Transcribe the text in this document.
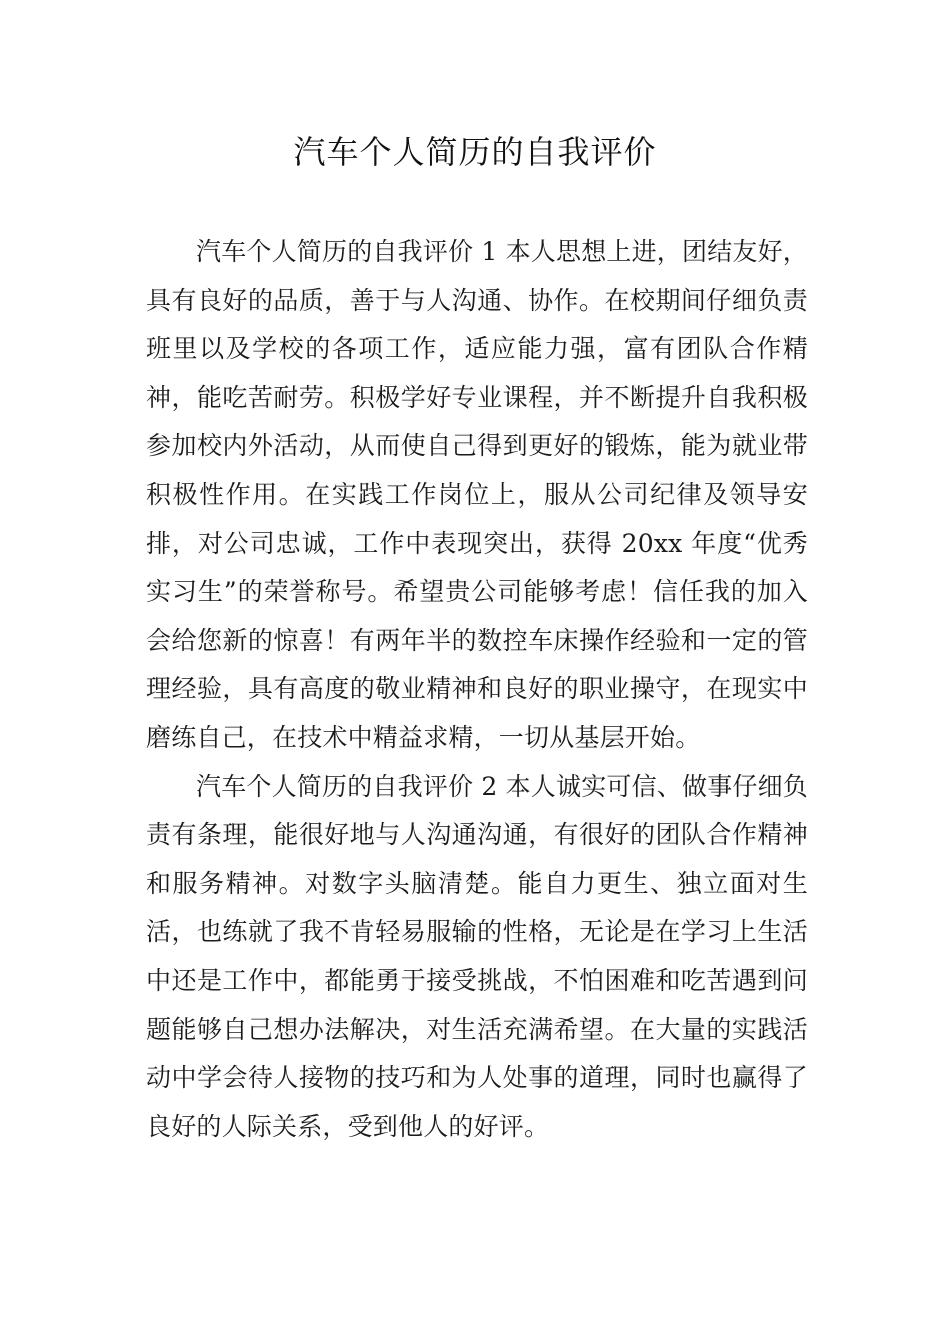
汽车个人简历的自我评价

汽车个人简历的自我评价 1 本人思想上进，团结友好，具有良好的品质，善于与人沟通、协作。在校期间仔细负责班里以及学校的各项工作，适应能力强，富有团队合作精神，能吃苦耐劳。积极学好专业课程，并不断提升自我积极参加校内外活动，从而使自己得到更好的锻炼，能为就业带积极性作用。在实践工作岗位上，服从公司纪律及领导安排，对公司忠诚，工作中表现突出，获得 20xx 年度“优秀实习生”的荣誉称号。希望贵公司能够考虑！信任我的加入会给您新的惊喜！有两年半的数控车床操作经验和一定的管理经验，具有高度的敬业精神和良好的职业操守，在现实中磨练自己，在技术中精益求精，一切从基层开始。

汽车个人简历的自我评价 2 本人诚实可信、做事仔细负责有条理，能很好地与人沟通沟通，有很好的团队合作精神和服务精神。对数字头脑清楚。能自力更生、独立面对生活，也练就了我不肯轻易服输的性格，无论是在学习上生活中还是工作中，都能勇于接受挑战，不怕困难和吃苦遇到问题能够自己想办法解决，对生活充满希望。在大量的实践活动中学会待人接物的技巧和为人处事的道理，同时也赢得了良好的人际关系，受到他人的好评。
